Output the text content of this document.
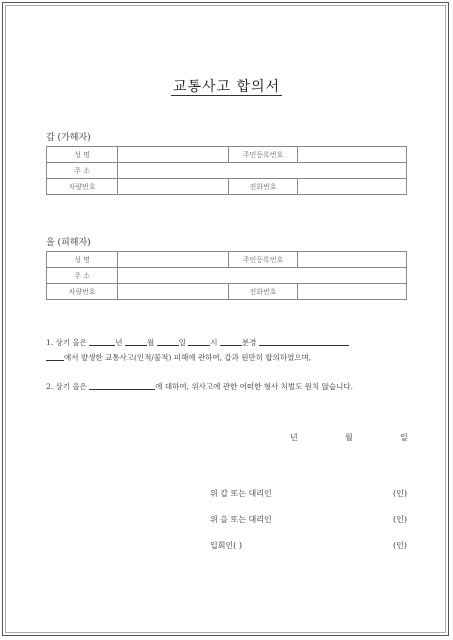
교통사고 합의서
갑 (가해자)
성 명		주민등록번호	
주 소			
차량번호		전화번호	
을 (피해자)
성 명		주민등록번호	
주 소			
차량번호		전화번호	
1. 상기 을은	년	월	일	시	분경
에서 발생한 교통사고(인적/물적) 피해에 관하여, 갑과 원만히 합의하였으며,
2. 상기 을은	에 대하여, 위사고에 관한 어떠한 형사 처벌도 원치 않습니다.
년	월	일
위 갑 또는 대리인	(인)
위 을 또는 대리인	(인)
입회인( )	(인)
